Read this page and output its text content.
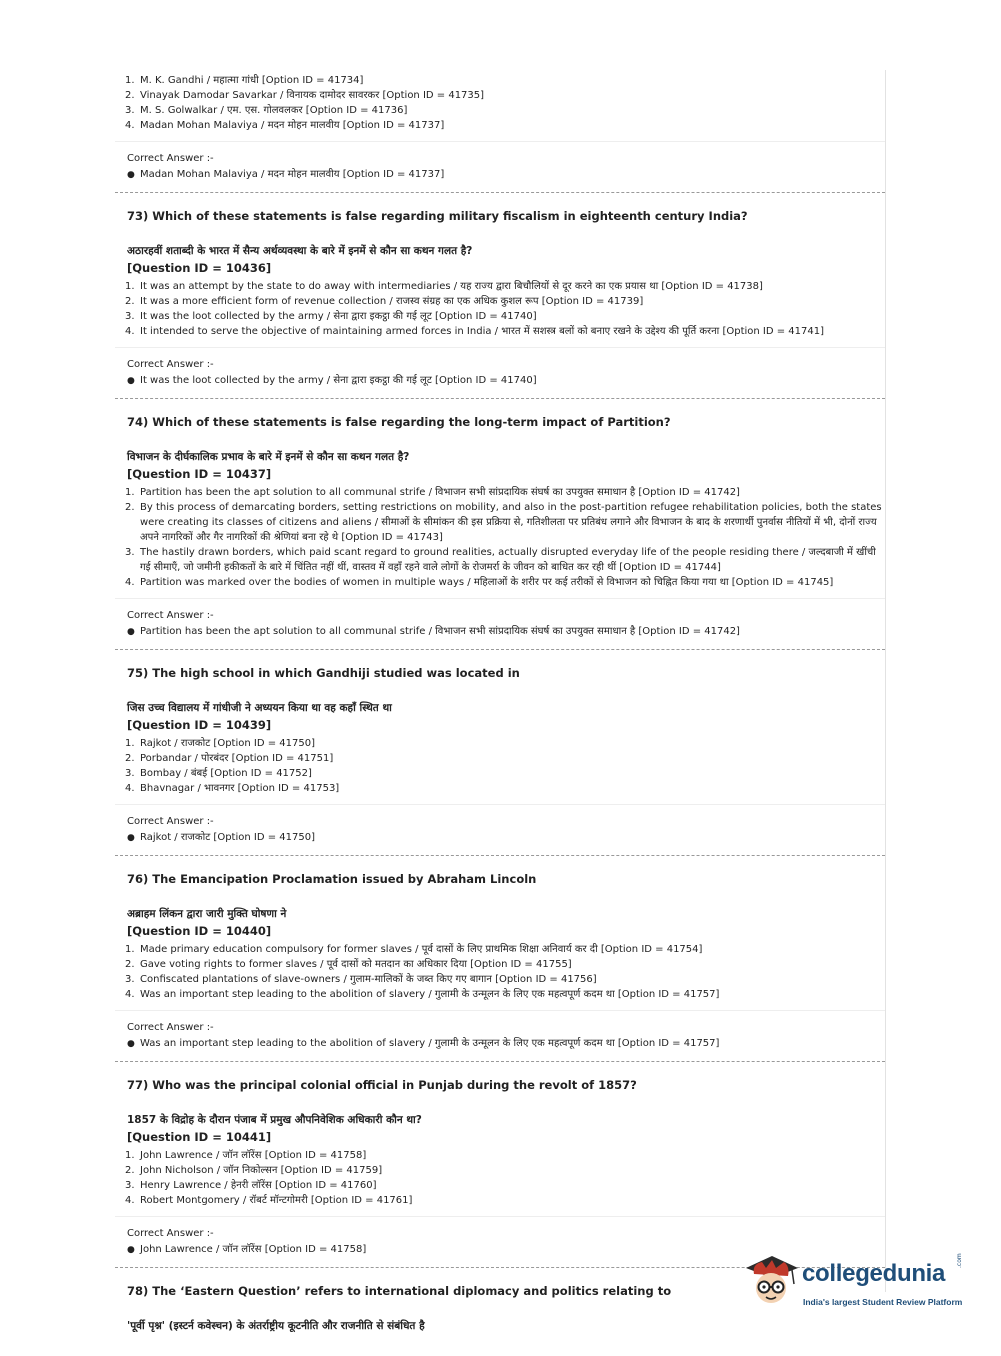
1. M. K. Gandhi / महात्मा गांधी [Option ID = 41734]
2. Vinayak Damodar Savarkar / विनायक दामोदर सावरकर [Option ID = 41735]
3. M. S. Golwalkar / एम. एस. गोलवलकर [Option ID = 41736]
4. Madan Mohan Malaviya / मदन मोहन मालवीय [Option ID = 41737]
Correct Answer :-
● Madan Mohan Malaviya / मदन मोहन मालवीय [Option ID = 41737]
73) Which of these statements is false regarding military fiscalism in eighteenth century India?
अठारहवीं शताब्दी के भारत में सैन्य अर्थव्यवस्था के बारे में इनमें से कौन सा कथन गलत है?
[Question ID = 10436]
1. It was an attempt by the state to do away with intermediaries / यह राज्य द्वारा बिचौलियों से दूर करने का एक प्रयास था [Option ID = 41738]
2. It was a more efficient form of revenue collection / राजस्व संग्रह का एक अधिक कुशल रूप [Option ID = 41739]
3. It was the loot collected by the army / सेना द्वारा इकट्ठा की गई लूट [Option ID = 41740]
4. It intended to serve the objective of maintaining armed forces in India / भारत में सशस्त्र बलों को बनाए रखने के उद्देश्य की पूर्ति करना [Option ID = 41741]
Correct Answer :-
● It was the loot collected by the army / सेना द्वारा इकट्ठा की गई लूट [Option ID = 41740]
74) Which of these statements is false regarding the long-term impact of Partition?
विभाजन के दीर्घकालिक प्रभाव के बारे में इनमें से कौन सा कथन गलत है?
[Question ID = 10437]
1. Partition has been the apt solution to all communal strife / विभाजन सभी सांप्रदायिक संघर्ष का उपयुक्त समाधान है [Option ID = 41742]
2. By this process of demarcating borders, setting restrictions on mobility, and also in the post-partition refugee rehabilitation policies, both the states were creating its classes of citizens and aliens / सीमाओं के सीमांकन की इस प्रक्रिया से, गतिशीलता पर प्रतिबंध लगाने और विभाजन के बाद के शरणार्थी पुनर्वास नीतियों में भी, दोनों राज्य अपने नागरिकों और गैर नागरिकों की श्रेणियां बना रहे थे [Option ID = 41743]
3. The hastily drawn borders, which paid scant regard to ground realities, actually disrupted everyday life of the people residing there / जल्दबाजी में खींची गई सीमाएँ, जो जमीनी हकीकतों के बारे में चिंतित नहीं थीं, वास्तव में वहाँ रहने वाले लोगों के रोजमर्रा के जीवन को बाधित कर रही थीं [Option ID = 41744]
4. Partition was marked over the bodies of women in multiple ways / महिलाओं के शरीर पर कई तरीकों से विभाजन को चिह्नित किया गया था [Option ID = 41745]
Correct Answer :-
● Partition has been the apt solution to all communal strife / विभाजन सभी सांप्रदायिक संघर्ष का उपयुक्त समाधान है [Option ID = 41742]
75) The high school in which Gandhiji studied was located in
जिस उच्च विद्यालय में गांधीजी ने अध्ययन किया था वह कहाँ स्थित था
[Question ID = 10439]
1. Rajkot / राजकोट [Option ID = 41750]
2. Porbandar / पोरबंदर [Option ID = 41751]
3. Bombay / बंबई [Option ID = 41752]
4. Bhavnagar / भावनगर [Option ID = 41753]
Correct Answer :-
● Rajkot / राजकोट [Option ID = 41750]
76) The Emancipation Proclamation issued by Abraham Lincoln
अब्राहम लिंकन द्वारा जारी मुक्ति घोषणा ने
[Question ID = 10440]
1. Made primary education compulsory for former slaves / पूर्व दासों के लिए प्राथमिक शिक्षा अनिवार्य कर दी [Option ID = 41754]
2. Gave voting rights to former slaves / पूर्व दासों को मतदान का अधिकार दिया [Option ID = 41755]
3. Confiscated plantations of slave-owners / गुलाम-मालिकों के जब्त किए गए बागान [Option ID = 41756]
4. Was an important step leading to the abolition of slavery / गुलामी के उन्मूलन के लिए एक महत्वपूर्ण कदम था [Option ID = 41757]
Correct Answer :-
● Was an important step leading to the abolition of slavery / गुलामी के उन्मूलन के लिए एक महत्वपूर्ण कदम था [Option ID = 41757]
77) Who was the principal colonial official in Punjab during the revolt of 1857?
1857 के विद्रोह के दौरान पंजाब में प्रमुख औपनिवेशिक अधिकारी कौन था?
[Question ID = 10441]
1. John Lawrence / जॉन लॉरेंस [Option ID = 41758]
2. John Nicholson / जॉन निकोल्सन [Option ID = 41759]
3. Henry Lawrence / हेनरी लॉरेंस [Option ID = 41760]
4. Robert Montgomery / रॉबर्ट मॉन्टगोमरी [Option ID = 41761]
Correct Answer :-
● John Lawrence / जॉन लॉरेंस [Option ID = 41758]
78) The ‘Eastern Question’ refers to international diplomacy and politics relating to
'पूर्वी पृश्न' (इस्टर्न कवेस्चन) के अंतर्राष्ट्रीय कूटनीति और राजनीति से संबंधित है
collegedunia .com
India's largest Student Review Platform
